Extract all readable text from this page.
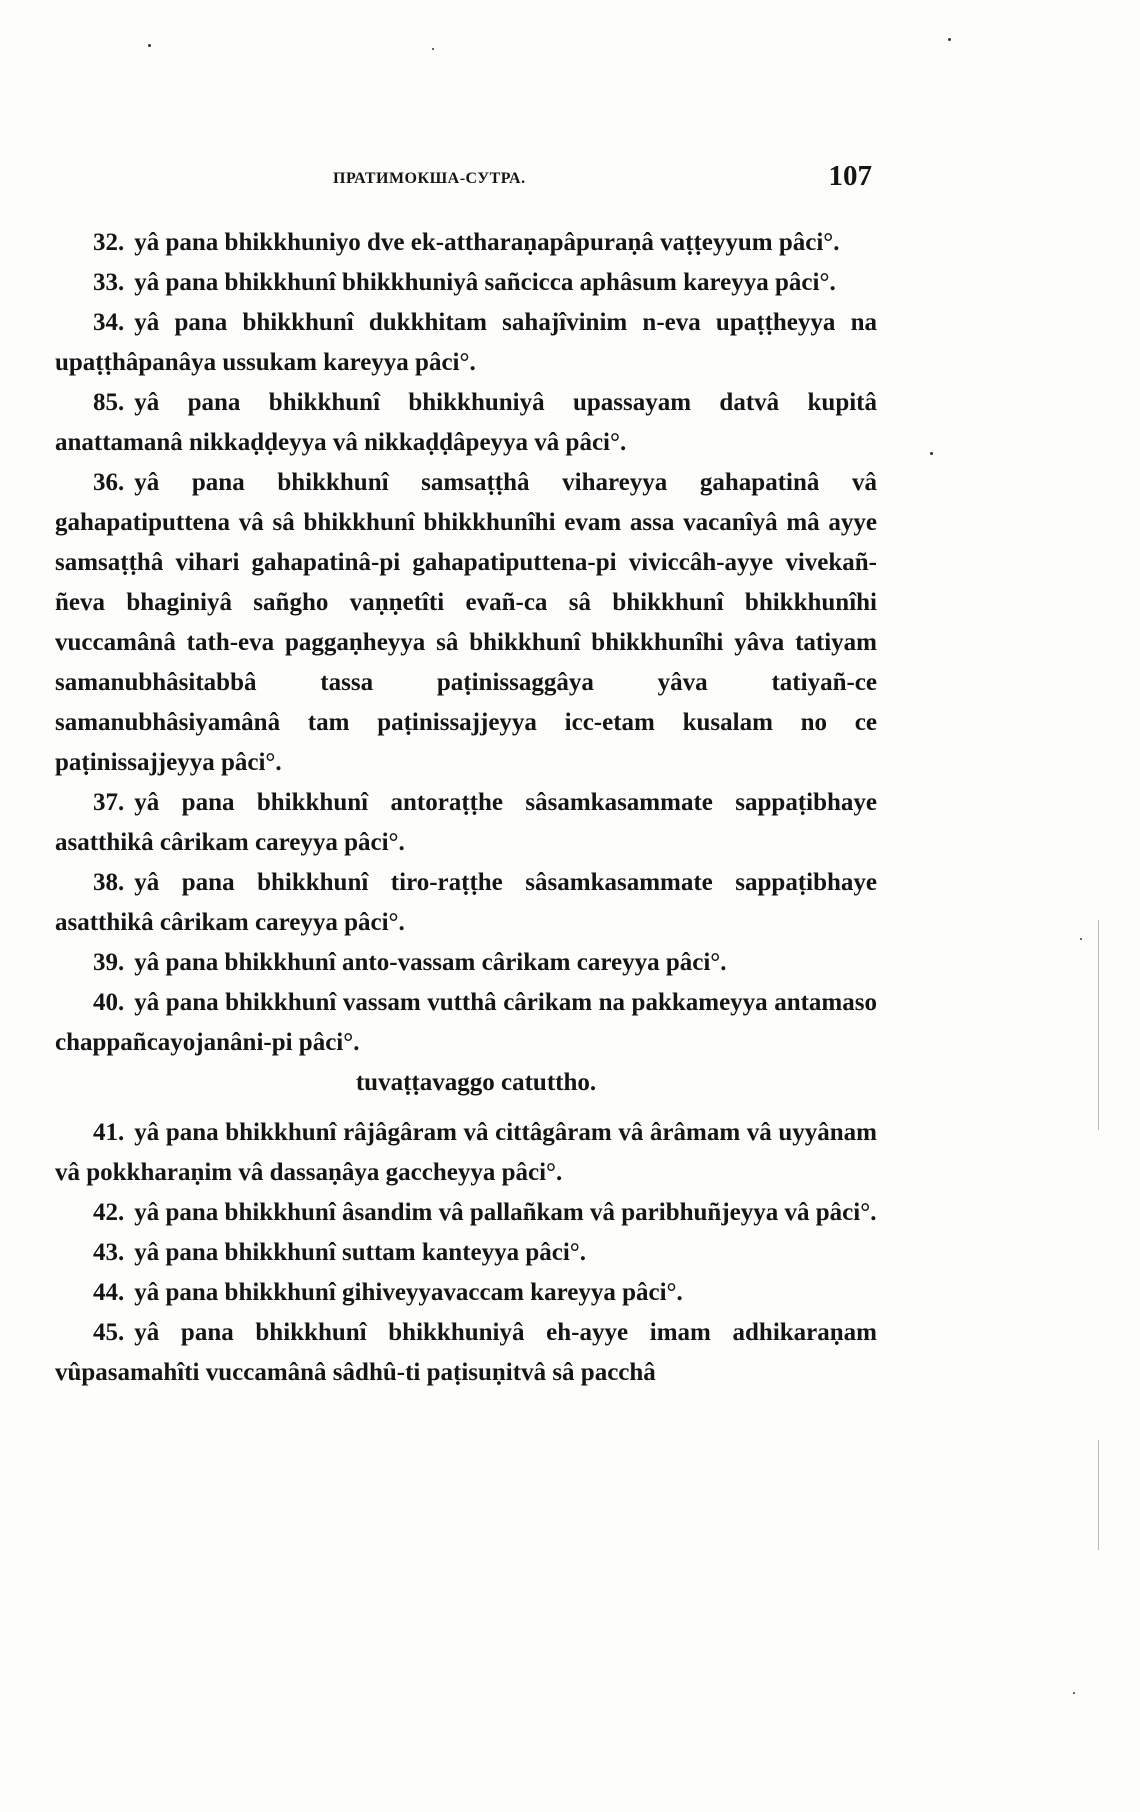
ПРАТИМОКША-СУТРА.	107

32. yâ pana bhikkhuniyo dve ek-attharaṇapâpuraṇâ vaṭṭeyyum pâci°.

33. yâ pana bhikkhunî bhikkhuniyâ sañcicca aphâsum kareyya pâci°.

34. yâ pana bhikkhunî dukkhitam sahajîvinim n-eva upaṭṭheyya na upaṭṭhâpanâya ussukam kareyya pâci°.

85. yâ pana bhikkhunî bhikkhuniyâ upassayam datvâ kupitâ anattamanâ nikkaḍḍeyya vâ nikkaḍḍâpeyya vâ pâci°.

36. yâ pana bhikkhunî samsaṭṭhâ vihareyya gahapatinâ vâ gahapatiputtena vâ sâ bhikkhunî bhikkhunîhi evam assa vacanîyâ mâ ayye samsaṭṭhâ vihari gahapatinâ-pi gahapatiputtena-pi viviccâh-ayye vivekañ-ñeva bhaginiyâ sañgho vaṇṇetîti evañ-ca sâ bhikkhunî bhikkhunîhi vuccamânâ tath-eva paggaṇheyya sâ bhikkhunî bhikkhunîhi yâva tatiyam samanubhâsitabbâ tassa paṭinissaggâya yâva tatiyañ-ce samanubhâsiyamânâ tam paṭinissajjeyya icc-etam kusalam no ce paṭinissajjeyya pâci°.

37. yâ pana bhikkhunî antoraṭṭhe sâsamkasammate sappaṭibhaye asatthikâ cârikam careyya pâci°.

38. yâ pana bhikkhunî tiro-raṭṭhe sâsamkasammate sappaṭibhaye asatthikâ cârikam careyya pâci°.

39. yâ pana bhikkhunî anto-vassam cârikam careyya pâci°.

40. yâ pana bhikkhunî vassam vutthâ cârikam na pakkameyya antamaso chappañcayojanâni-pi pâci°.

tuvaṭṭavaggo catuttho.

41. yâ pana bhikkhunî râjâgâram vâ cittâgâram vâ ârâmam vâ uyyânam vâ pokkharaṇim vâ dassaṇâya gaccheyya pâci°.

42. yâ pana bhikkhunî âsandim vâ pallañkam vâ paribhuñjeyya vâ pâci°.

43. yâ pana bhikkhunî suttam kanteyya pâci°.

44. yâ pana bhikkhunî gihiveyyavaccam kareyya pâci°.

45. yâ pana bhikkhunî bhikkhuniyâ eh-ayye imam adhikaraṇam vûpasamahîti vuccamânâ sâdhû-ti paṭisuṇitvâ sâ pacchâ
